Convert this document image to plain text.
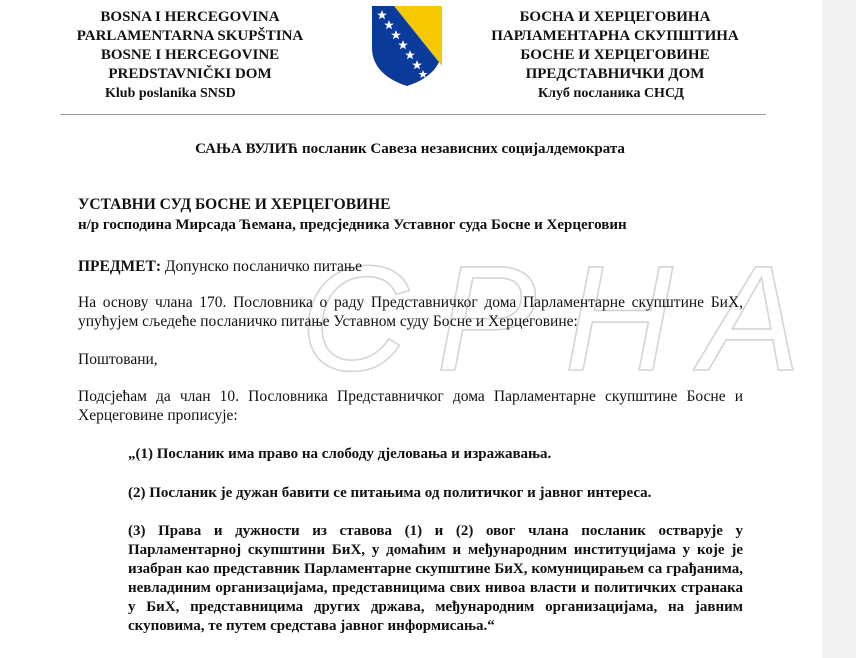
BOSNA I HERCEGOVINA
PARLAMENTARNA SKUPŠTINA
BOSNE I HERCEGOVINE
PREDSTAVNIČKI DOM
Klub poslanika SNSD
БОСНА И ХЕРЦЕГОВИНА
ПАРЛАМЕНТАРНА СКУПШТИНА
БОСНЕ И ХЕРЦЕГОВИНЕ
ПРЕДСТАВНИЧКИ ДОМ
Клуб посланика СНСД
САЊА ВУЛИЋ посланик Савеза независних социјалдемократа
УСТАВНИ СУД БОСНЕ И ХЕРЦЕГОВИНЕ
н/р господина Мирсада Ћемана, предсједника Уставног суда Босне и Херцеговин
ПРЕДМЕТ: Допунско посланичко питање
На основу члана 170. Пословника о раду Представничког дома Парламентарне скупштине БиХ, упућујем сљедеће посланичко питање Уставном суду Босне и Херцеговине:
Поштовани,
Подсјећам да члан 10. Пословника Представничког дома Парламентарне скупштине Босне и Херцеговине прописује:
„(1) Посланик има право на слободу дјеловања и изражавања.
(2) Посланик је дужан бавити се питањима од политичког и јавног интереса.
(3) Права и дужности из ставова (1) и (2) овог члана посланик остварује у Парламентарној скупштини БиХ, у домаћим и међународним институцијама у које је изабран као представник Парламентарне скупштине БиХ, комуницирањем са грађанима, невладиним организацијама, представницима свих нивоа власти и политичких странака у БиХ, представницима других држава, међународним организацијама, на јавним скуповима, те путем средстава јавног информисања.“
